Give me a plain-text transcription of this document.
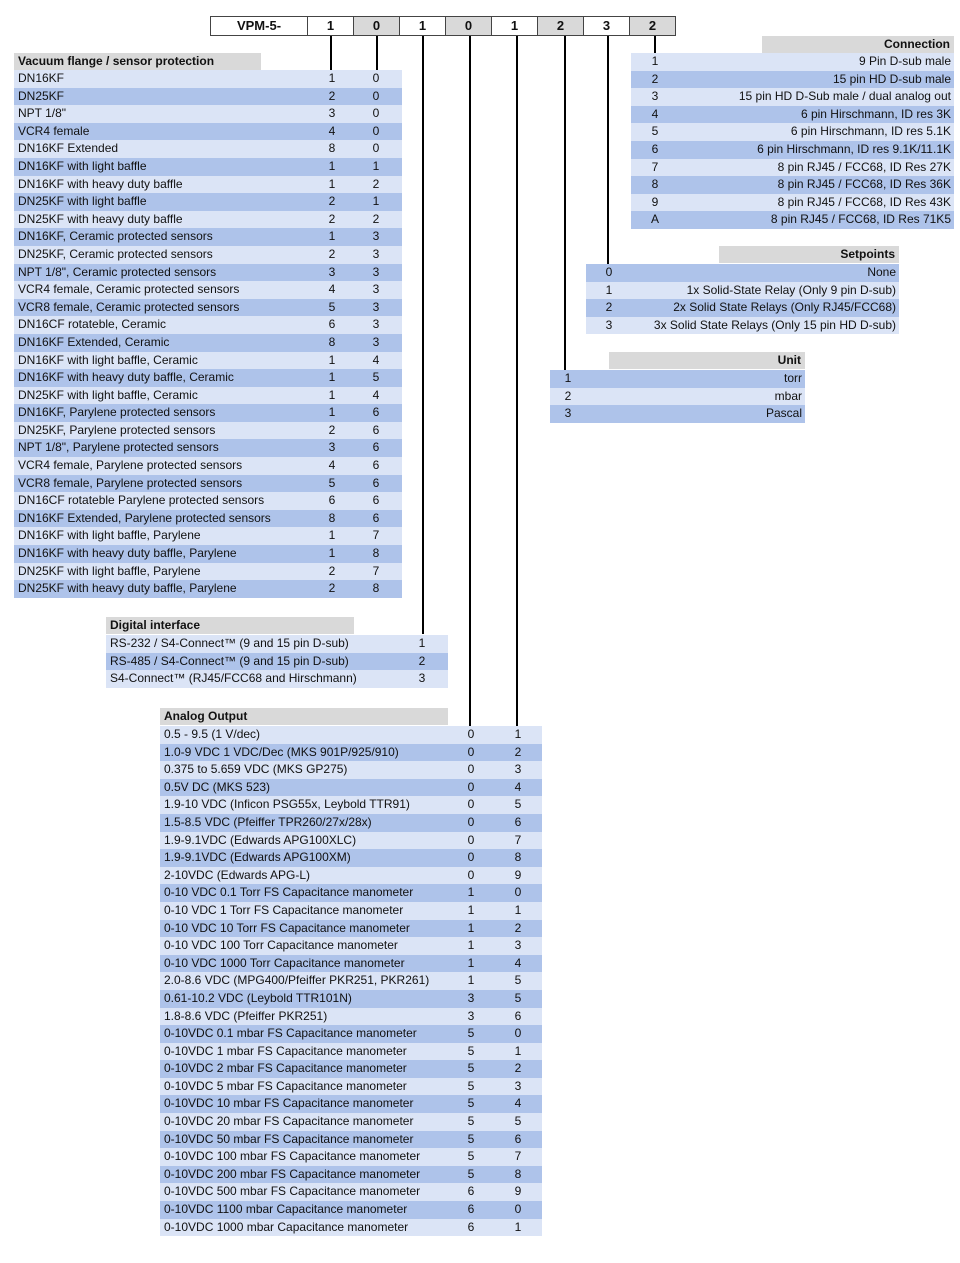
VPM-5-	1	0	1	0	1	2	3	2
Vacuum flange / sensor protection
DN16KF	1	0
DN25KF	2	0
NPT 1/8"	3	0
VCR4 female	4	0
DN16KF Extended	8	0
DN16KF with light baffle	1	1
DN16KF with heavy duty baffle	1	2
DN25KF with light baffle	2	1
DN25KF with heavy duty baffle	2	2
DN16KF, Ceramic protected sensors	1	3
DN25KF, Ceramic protected sensors	2	3
NPT 1/8", Ceramic protected sensors	3	3
VCR4 female, Ceramic protected sensors	4	3
VCR8 female, Ceramic protected sensors	5	3
DN16CF rotateble, Ceramic	6	3
DN16KF Extended, Ceramic	8	3
DN16KF with light baffle, Ceramic	1	4
DN16KF with heavy duty baffle, Ceramic	1	5
DN25KF with light baffle, Ceramic	1	4
DN16KF, Parylene protected sensors	1	6
DN25KF, Parylene protected sensors	2	6
NPT 1/8", Parylene protected sensors	3	6
VCR4 female, Parylene protected sensors	4	6
VCR8 female, Parylene protected sensors	5	6
DN16CF rotateble Parylene protected sensors	6	6
DN16KF Extended, Parylene protected sensors	8	6
DN16KF with light baffle, Parylene	1	7
DN16KF with heavy duty baffle, Parylene	1	8
DN25KF with light baffle, Parylene	2	7
DN25KF with heavy duty baffle, Parylene	2	8
Digital interface
RS-232 / S4-Connect™ (9 and 15 pin D-sub)	1
RS-485 / S4-Connect™ (9 and 15 pin D-sub)	2
S4-Connect™ (RJ45/FCC68 and Hirschmann)	3
Analog Output
0.5 - 9.5 (1 V/dec)	0	1
1.0-9 VDC 1 VDC/Dec (MKS 901P/925/910)	0	2
0.375 to 5.659 VDC (MKS GP275)	0	3
0.5V DC (MKS 523)	0	4
1.9-10 VDC (Inficon PSG55x, Leybold TTR91)	0	5
1.5-8.5 VDC (Pfeiffer TPR260/27x/28x)	0	6
1.9-9.1VDC (Edwards APG100XLC)	0	7
1.9-9.1VDC (Edwards APG100XM)	0	8
2-10VDC (Edwards APG-L)	0	9
0-10 VDC 0.1 Torr FS Capacitance manometer	1	0
0-10 VDC 1 Torr FS Capacitance manometer	1	1
0-10 VDC 10 Torr FS Capacitance manometer	1	2
0-10 VDC 100 Torr Capacitance manometer	1	3
0-10 VDC 1000 Torr Capacitance manometer	1	4
2.0-8.6 VDC (MPG400/Pfeiffer PKR251, PKR261)	1	5
0.61-10.2 VDC (Leybold TTR101N)	3	5
1.8-8.6 VDC (Pfeiffer PKR251)	3	6
0-10VDC 0.1 mbar FS Capacitance manometer	5	0
0-10VDC 1 mbar FS Capacitance manometer	5	1
0-10VDC 2 mbar FS Capacitance manometer	5	2
0-10VDC 5 mbar FS Capacitance manometer	5	3
0-10VDC 10 mbar FS Capacitance manometer	5	4
0-10VDC 20 mbar FS Capacitance manometer	5	5
0-10VDC 50 mbar FS Capacitance manometer	5	6
0-10VDC 100 mbar FS Capacitance manometer	5	7
0-10VDC 200 mbar FS Capacitance manometer	5	8
0-10VDC 500 mbar FS Capacitance manometer	6	9
0-10VDC 1100 mbar Capacitance manometer	6	0
0-10VDC 1000 mbar Capacitance manometer	6	1
Connection
1	9 Pin D-sub male
2	15 pin HD D-sub male
3	15 pin HD D-Sub male / dual analog out
4	6 pin Hirschmann, ID res 3K
5	6 pin Hirschmann, ID res 5.1K
6	6 pin Hirschmann, ID res 9.1K/11.1K
7	8 pin RJ45 / FCC68, ID Res 27K
8	8 pin RJ45 / FCC68, ID Res 36K
9	8 pin RJ45 / FCC68, ID Res 43K
A	8 pin RJ45 / FCC68, ID Res 71K5
Setpoints
0	None
1	1x Solid-State Relay (Only 9 pin D-sub)
2	2x Solid State Relays (Only RJ45/FCC68)
3	3x Solid State Relays (Only 15 pin HD D-sub)
Unit
1	torr
2	mbar
3	Pascal
